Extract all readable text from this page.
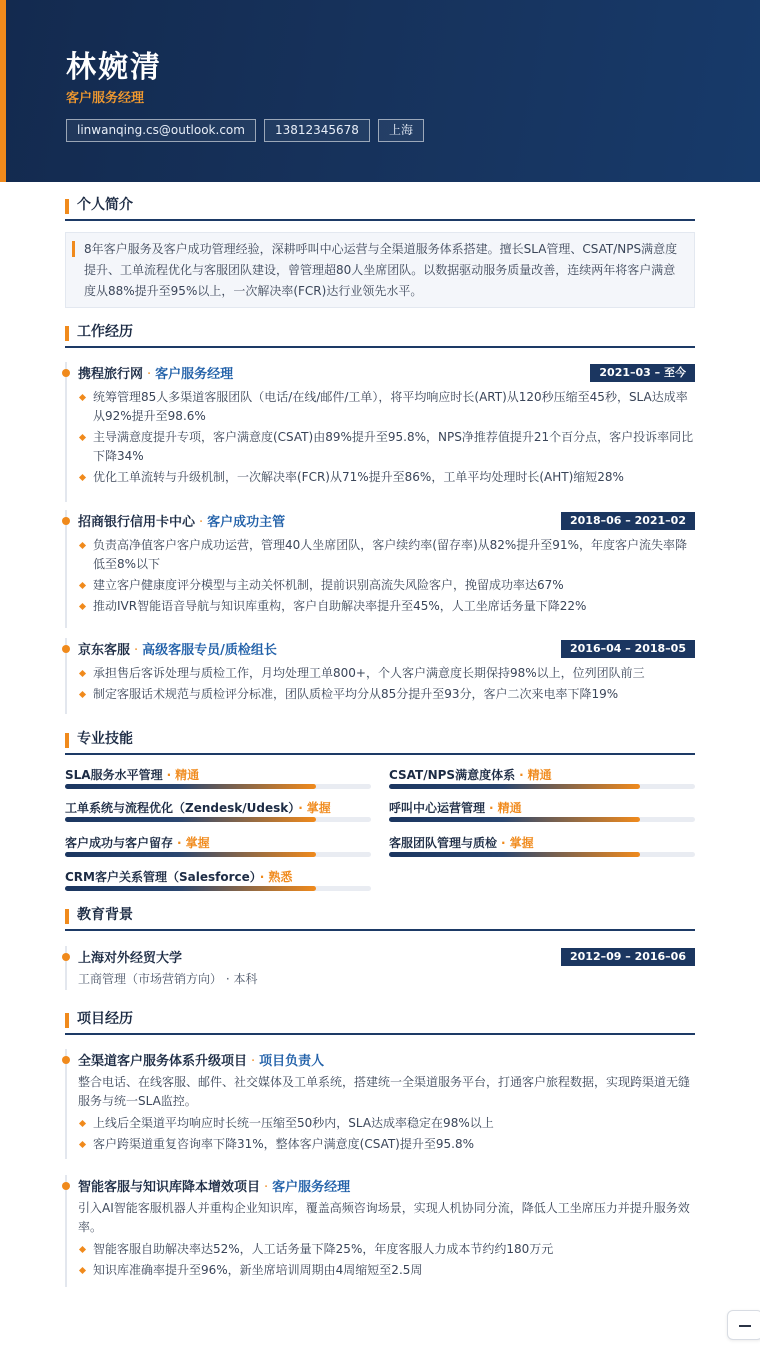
林婉清
客户服务经理
linwanqing.cs@outlook.com	13812345678	上海
个人简介
8年客户服务及客户成功管理经验，深耕呼叫中心运营与全渠道服务体系搭建。擅长SLA管理、CSAT/NPS满意度提升、工单流程优化与客服团队建设，曾管理超80人坐席团队。以数据驱动服务质量改善，连续两年将客户满意度从88%提升至95%以上，一次解决率(FCR)达行业领先水平。
工作经历
携程旅行网 · 客户服务经理	2021–03 – 至今
统筹管理85人多渠道客服团队（电话/在线/邮件/工单），将平均响应时长(ART)从120秒压缩至45秒，SLA达成率从92%提升至98.6%
主导满意度提升专项，客户满意度(CSAT)由89%提升至95.8%，NPS净推荐值提升21个百分点，客户投诉率同比下降34%
优化工单流转与升级机制，一次解决率(FCR)从71%提升至86%，工单平均处理时长(AHT)缩短28%
招商银行信用卡中心 · 客户成功主管	2018–06 – 2021–02
负责高净值客户客户成功运营，管理40人坐席团队，客户续约率(留存率)从82%提升至91%，年度客户流失率降低至8%以下
建立客户健康度评分模型与主动关怀机制，提前识别高流失风险客户，挽留成功率达67%
推动IVR智能语音导航与知识库重构，客户自助解决率提升至45%，人工坐席话务量下降22%
京东客服 · 高级客服专员/质检组长	2016–04 – 2018–05
承担售后客诉处理与质检工作，月均处理工单800+，个人客户满意度长期保持98%以上，位列团队前三
制定客服话术规范与质检评分标准，团队质检平均分从85分提升至93分，客户二次来电率下降19%
专业技能
SLA服务水平管理 · 精通	CSAT/NPS满意度体系 · 精通
工单系统与流程优化（Zendesk/Udesk） · 掌握	呼叫中心运营管理 · 精通
客户成功与客户留存 · 掌握	客服团队管理与质检 · 掌握
CRM客户关系管理（Salesforce） · 熟悉
教育背景
上海对外经贸大学	2012–09 – 2016–06
工商管理（市场营销方向） · 本科
项目经历
全渠道客户服务体系升级项目 · 项目负责人
整合电话、在线客服、邮件、社交媒体及工单系统，搭建统一全渠道服务平台，打通客户旅程数据，实现跨渠道无缝服务与统一SLA监控。
上线后全渠道平均响应时长统一压缩至50秒内，SLA达成率稳定在98%以上
客户跨渠道重复咨询率下降31%，整体客户满意度(CSAT)提升至95.8%
智能客服与知识库降本增效项目 · 客户服务经理
引入AI智能客服机器人并重构企业知识库，覆盖高频咨询场景，实现人机协同分流，降低人工坐席压力并提升服务效率。
智能客服自助解决率达52%，人工话务量下降25%，年度客服人力成本节约约180万元
知识库准确率提升至96%，新坐席培训周期由4周缩短至2.5周
